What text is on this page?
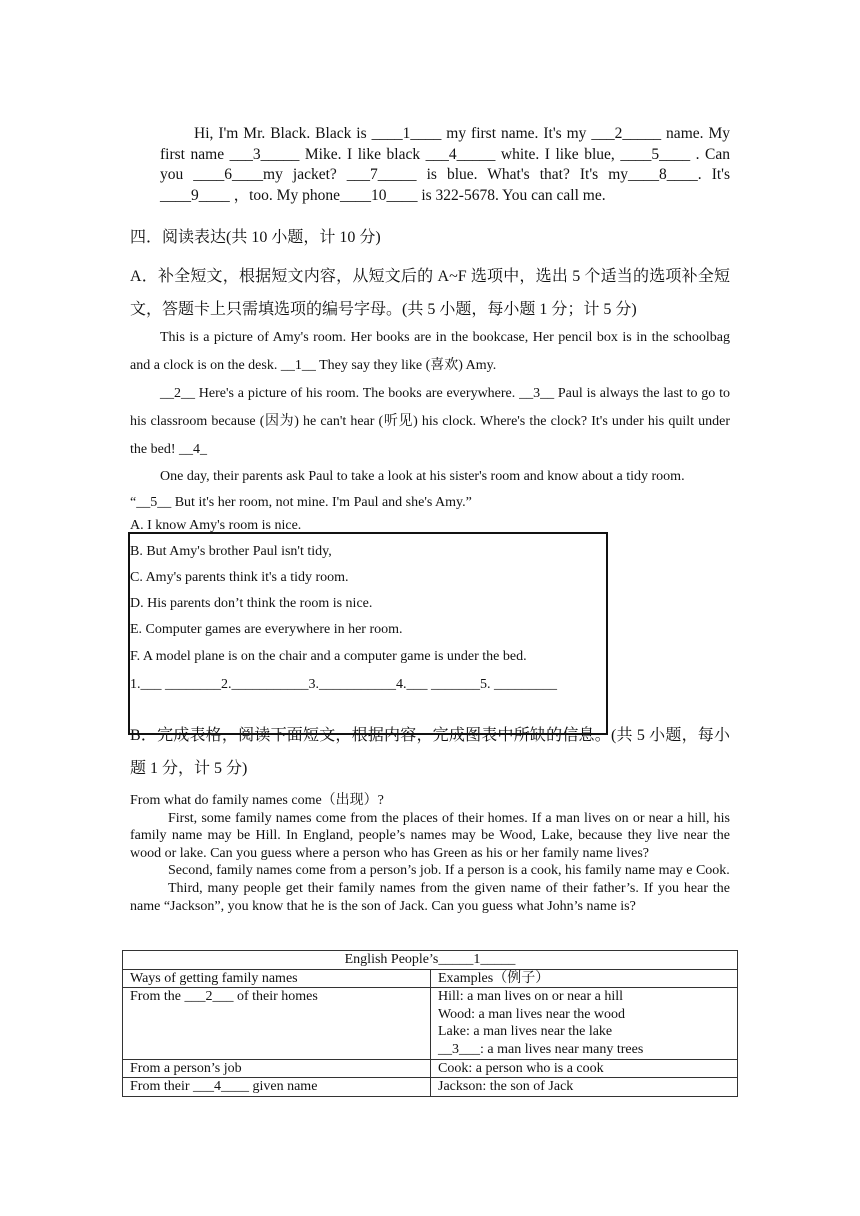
Hi, I'm Mr. Black. Black is ____1____ my first name. It's my ___2_____ name. My first name ___3_____ Mike. I like black ___4_____ white. I like blue, ____5____ . Can you ____6____my jacket? ___7_____ is blue. What's that? It's my____8____. It's ____9____ ，too. My phone____10____ is 322-5678. You can call me.
四．阅读表达(共 10 小题，计 10 分)
A．补全短文，根据短文内容，从短文后的 A~F 选项中，选出 5 个适当的选项补全短文，答题卡上只需填选项的编号字母。(共 5 小题，每小题 1 分；计 5 分)

This is a picture of Amy's room. Her books are in the bookcase, Her pencil box is in the schoolbag and a clock is on the desk. __1__ They say they like (喜欢) Amy.

__2__ Here's a picture of his room. The books are everywhere. __3__ Paul is always the last to go to his classroom because (因为) he can't hear (听见) his clock. Where's the clock? It's under his quilt under the bed! __4_

One day, their parents ask Paul to take a look at his sister's room and know about a tidy room.

“__5__ But it's her room, not mine. I'm Paul and she's Amy.”

A. I know Amy's room is nice.
B. But Amy's brother Paul isn't tidy,
C. Amy's parents think it's a tidy room.
D. His parents don’t think the room is nice.
E. Computer games are everywhere in her room.
F. A model plane is on the chair and a computer game is under the bed.
1.___ ________2.___________3.___________4.___ _______5. _________
B．完成表格，阅读下面短文，根据内容，完成图表中所缺的信息。(共 5 小题，每小题 1 分，计 5 分)

From what do family names come（出现）?

First, some family names come from the places of their homes. If a man lives on or near a hill, his family name may be Hill. In England, people’s names may be Wood, Lake, because they live near the wood or lake. Can you guess where a person who has Green as his or her family name lives?

Second, family names come from a person’s job. If a person is a cook, his family name may e Cook.

Third, many people get their family names from the given name of their father’s. If you hear the name “Jackson”, you know that he is the son of Jack. Can you guess what John’s name is?

English People’s_____1_____	
Ways of getting family names	Examples（例子）
From the ___2___ of their homes	Hill: a man lives on or near a hill
Wood: a man lives near the wood
Lake: a man lives near the lake
__3___: a man lives near many trees

From a person’s job	Cook: a person who is a cook

From their ___4____ given name	Jackson: the son of Jack
